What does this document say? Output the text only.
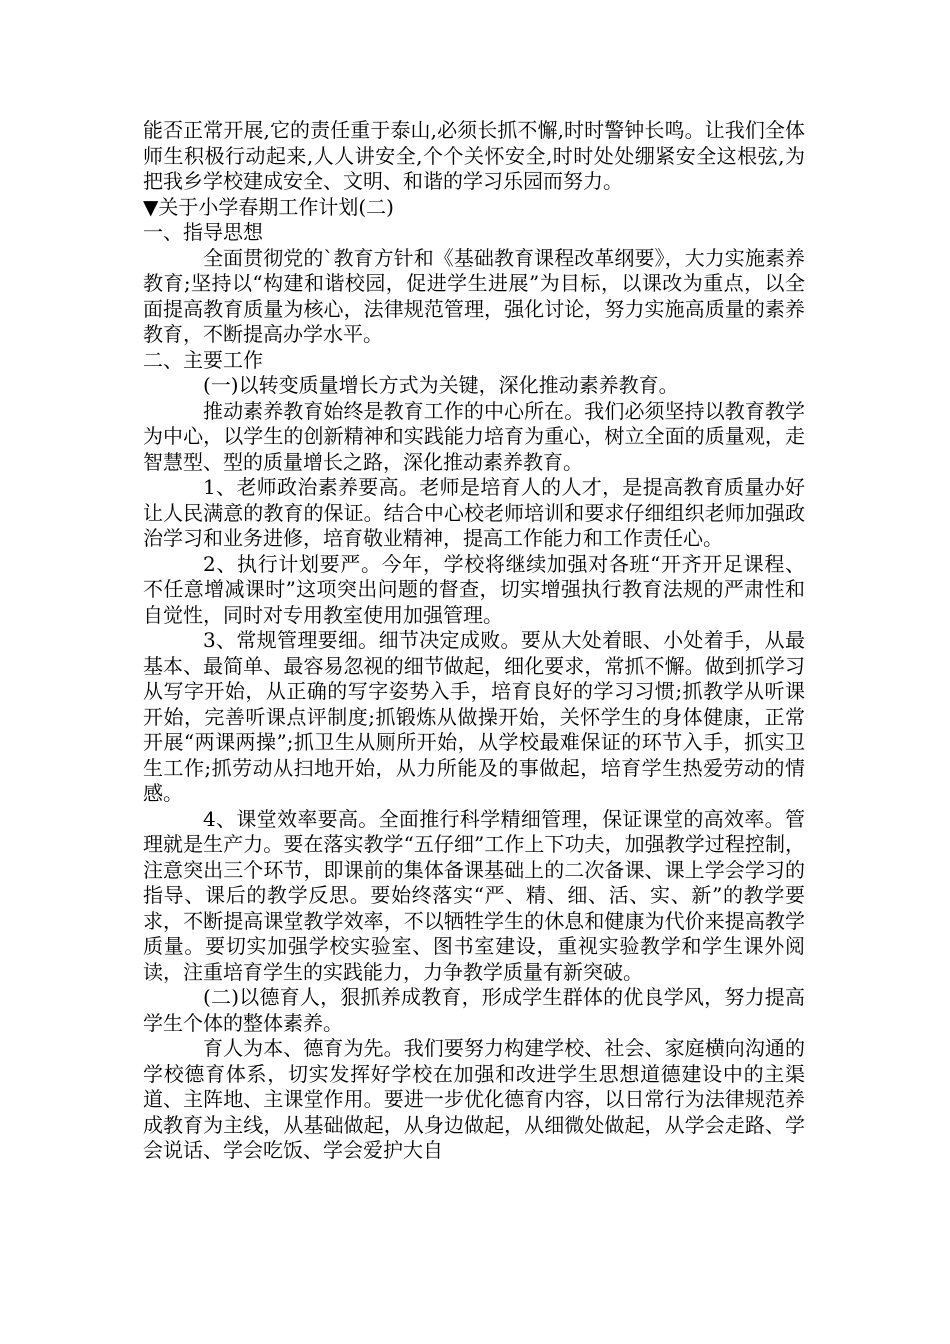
能否正常开展,它的责任重于泰山,必须长抓不懈,时时警钟长鸣。让我们全体师生积极行动起来,人人讲安全,个个关怀安全,时时处处绷紧安全这根弦,为把我乡学校建成安全、文明、和谐的学习乐园而努力。

▼关于小学春期工作计划(二)

一、指导思想

全面贯彻党的`教育方针和《基础教育课程改革纲要》，大力实施素养教育;坚持以“构建和谐校园，促进学生进展”为目标，以课改为重点，以全面提高教育质量为核心，法律规范管理，强化讨论，努力实施高质量的素养教育，不断提高办学水平。

二、主要工作

(一)以转变质量增长方式为关键，深化推动素养教育。

推动素养教育始终是教育工作的中心所在。我们必须坚持以教育教学为中心，以学生的创新精神和实践能力培育为重心，树立全面的质量观，走智慧型、型的质量增长之路，深化推动素养教育。

1、老师政治素养要高。老师是培育人的人才，是提高教育质量办好让人民满意的教育的保证。结合中心校老师培训和要求仔细组织老师加强政治学习和业务进修，培育敬业精神，提高工作能力和工作责任心。

2、执行计划要严。今年，学校将继续加强对各班“开齐开足课程、不任意增减课时”这项突出问题的督查，切实增强执行教育法规的严肃性和自觉性，同时对专用教室使用加强管理。

3、常规管理要细。细节决定成败。要从大处着眼、小处着手，从最基本、最简单、最容易忽视的细节做起，细化要求，常抓不懈。做到抓学习从写字开始，从正确的写字姿势入手，培育良好的学习习惯;抓教学从听课开始，完善听课点评制度;抓锻炼从做操开始，关怀学生的身体健康，正常开展“两课两操”;抓卫生从厕所开始，从学校最难保证的环节入手，抓实卫生工作;抓劳动从扫地开始，从力所能及的事做起，培育学生热爱劳动的情感。

4、课堂效率要高。全面推行科学精细管理，保证课堂的高效率。管理就是生产力。要在落实教学“五仔细”工作上下功夫，加强教学过程控制，注意突出三个环节，即课前的集体备课基础上的二次备课、课上学会学习的指导、课后的教学反思。要始终落实“严、精、细、活、实、新”的教学要求，不断提高课堂教学效率，不以牺牲学生的休息和健康为代价来提高教学质量。要切实加强学校实验室、图书室建设，重视实验教学和学生课外阅读，注重培育学生的实践能力，力争教学质量有新突破。

(二)以德育人，狠抓养成教育，形成学生群体的优良学风，努力提高学生个体的整体素养。

育人为本、德育为先。我们要努力构建学校、社会、家庭横向沟通的学校德育体系，切实发挥好学校在加强和改进学生思想道德建设中的主渠道、主阵地、主课堂作用。要进一步优化德育内容，以日常行为法律规范养成教育为主线，从基础做起，从身边做起，从细微处做起，从学会走路、学会说话、学会吃饭、学会爱护大自
